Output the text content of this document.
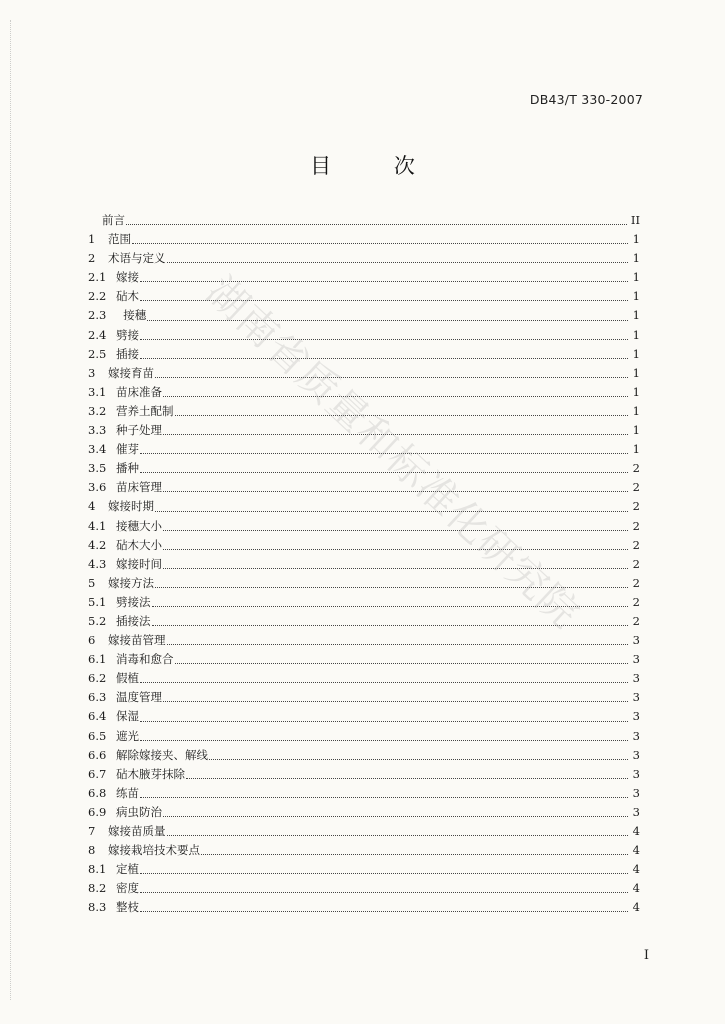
DB43/T 330-2007
目 次
前言	II
1	范围	1
2	术语与定义	1
2.1 嫁接	1
2.2 砧木	1
2.3 接穗	1
2.4 劈接	1
2.5 插接	1
3	嫁接育苗	1
3.1 苗床准备	1
3.2 营养土配制	1
3.3 种子处理	1
3.4 催芽	1
3.5 播种	2
3.6 苗床管理	2
4	嫁接时期	2
4.1 接穗大小	2
4.2 砧木大小	2
4.3 嫁接时间	2
5	嫁接方法	2
5.1 劈接法	2
5.2 插接法	2
6	嫁接苗管理	3
6.1 消毒和愈合	3
6.2 假植	3
6.3 温度管理	3
6.4 保湿	3
6.5 遮光	3
6.6 解除嫁接夹、解线	3
6.7 砧木腋芽抹除	3
6.8 练苗	3
6.9 病虫防治	3
7	嫁接苗质量	4
8	嫁接栽培技术要点	4
8.1 定植	4
8.2 密度	4
8.3 整枝	4
湖南省质量和标准化研究院
I
